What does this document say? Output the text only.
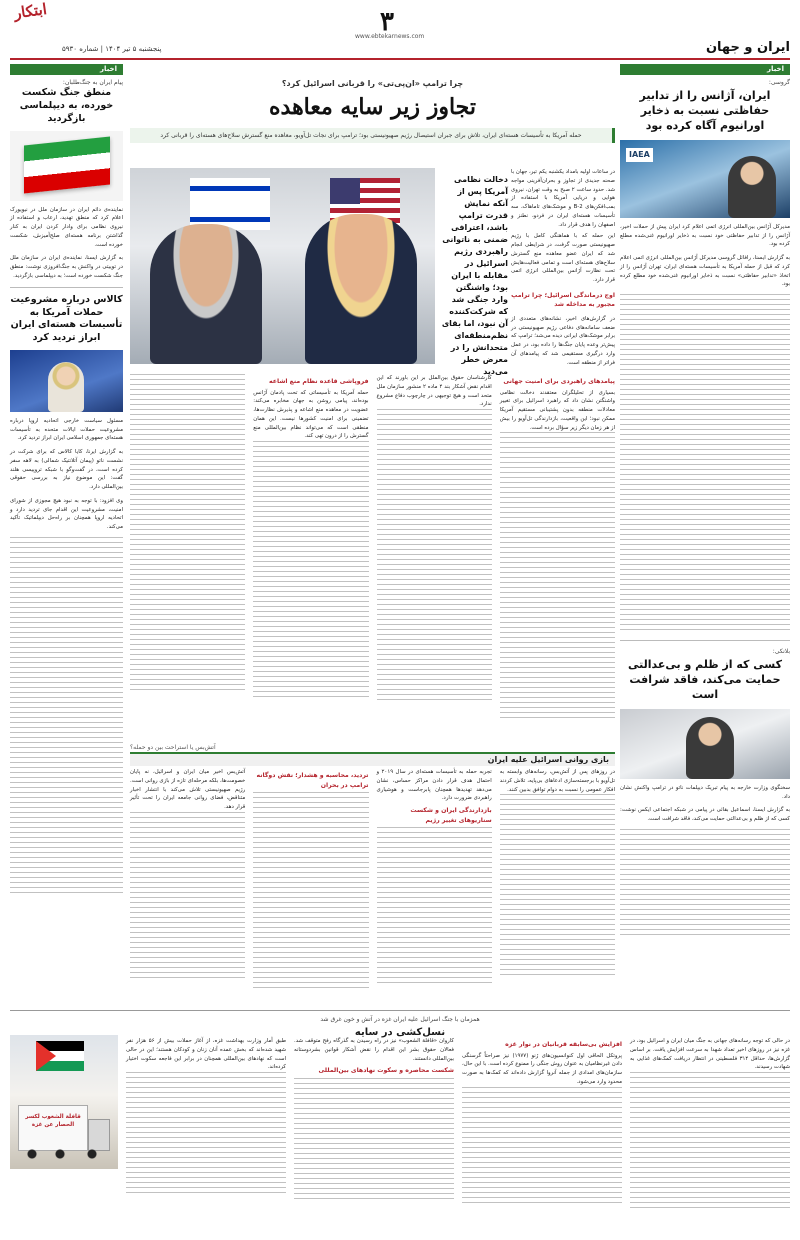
ابتکار
پنجشنبه ۵ تیر ۱۴۰۴ | شماره ۵۹۳۰
۳
www.ebtekarnews.com
ایران و جهان
اخبار
گروسی:
ایران، آژانس را از تدابیر حفاظتی نسبت به ذخایر اورانیوم آگاه کرده بود
IAEA
مدیرکل آژانس بین‌المللی انرژی اتمی اعلام کرد ایران پیش از حملات اخیر، آژانس را از تدابیر حفاظتی خود نسبت به ذخایر اورانیوم غنی‌شده مطلع کرده بود.
به گزارش ایسنا، رافائل گروسی مدیرکل آژانس بین‌المللی انرژی اتمی اعلام کرد که قبل از حمله آمریکا به تأسیسات هسته‌ای ایران، تهران آژانس را از اتخاذ «تدابیر حفاظتی» نسبت به ذخایر اورانیوم غنی‌شده خود مطلع کرده بود.
بلانکی:
کسی که از ظلم و بی‌عدالتی حمایت می‌کند، فاقد شرافت است
سخنگوی وزارت خارجه به پیام تبریک دیپلمات ناتو در ترامپ واکنش نشان داد.
به گزارش ایسنا، اسماعیل بقائی در پیامی در شبکه اجتماعی ایکس نوشت: کسی که از ظلم و بی‌عدالتی حمایت می‌کند، فاقد شرافت است.
اخبار
پیام ایران به جنگ‌طلبان:
منطق جنگ شکست خورده، به دیپلماسی بازگردید
نماینده‌ی دائم ایران در سازمان ملل در نیویورک اعلام کرد که منطق تهدید، ارعاب و استفاده از نیروی نظامی برای وادار کردن ایران به کنار گذاشتن برنامه هسته‌ای صلح‌آمیزش، شکست خورده است.
به گزارش ایسنا، نماینده‌ی ایران در سازمان ملل در توییتی در واکنش به جنگ‌افروزی نوشت: منطق جنگ شکست خورده است؛ به دیپلماسی بازگردید.
کالاس درباره مشروعیت حملات آمریکا به تأسیسات هسته‌ای ایران ابراز تردید کرد
مسئول سیاست خارجی اتحادیه اروپا درباره مشروعیت حملات ایالات متحده به تأسیسات هسته‌ای جمهوری اسلامی ایران ابراز تردید کرد.
به گزارش ایرنا، کایا کالاس که برای شرکت در نشست ناتو (پیمان آتلانتیک شمالی) به لاهه سفر کرده است، در گفت‌وگو با شبکه تروپیسی هلند گفت: این موضوع نیاز به بررسی حقوقی بین‌المللی دارد.
وی افزود: با توجه به نبود هیچ مجوزی از شورای امنیت، مشروعیت این اقدام جای تردید دارد و اتحادیه اروپا همچنان بر راه‌حل دیپلماتیک تأکید می‌کند.
چرا ترامپ «ان‌پی‌تی» را قربانی اسرائیل کرد؟
تجاوز زیر سایه معاهده
حمله آمریکا به تأسیسات هسته‌ای ایران، تلاش برای جبران استیصال رژیم صهیونیستی بود؛ ترامپ برای نجات تل‌آویو، معاهده منع گسترش سلاح‌های هسته‌ای را قربانی کرد
دخالت نظامی آمریکا پس از آنکه نمایش قدرت ترامپ باشد، اعترافی ضمنی به ناتوانی راهبردی رژیم اسرائیل در مقابله با ایران بود؛ واشنگتن وارد جنگی شد که شرکت‌کننده آن نبود، اما بقای نظم‌منطقه‌ای متحدانش را در معرض خطر می‌دید
در ساعات اولیه بامداد یکشنبه یکم تیر، جهان با صحنه جدیدی از تجاوز و بحران‌آفرینی مواجه شد. حدود ساعت ۲ صبح به وقت تهران، نیروی هوایی و دریایی آمریکا با استفاده از بمب‌افکن‌های B-2 و موشک‌های تاماهاک، سه تأسیسات هسته‌ای ایران در فردو، نطنز و اصفهان را هدف قرار داد.
این حمله که با هماهنگی کامل با رژیم صهیونیستی صورت گرفت، در شرایطی انجام شد که ایران عضو معاهده منع گسترش سلاح‌های هسته‌ای است و تمامی فعالیت‌هایش تحت نظارت آژانس بین‌المللی انرژی اتمی قرار دارد.
اوج درماندگی اسرائیل؛ چرا ترامپ مجبور به مداخله شد
در گزارش‌های اخیر، نشانه‌های متعددی از ضعف سامانه‌های دفاعی رژیم صهیونیستی در برابر موشک‌های ایرانی دیده می‌شد؛ ترامپ که پیش‌تر وعده پایان جنگ‌ها را داده بود، در عمل وارد درگیری مستقیمی شد که پیامدهای آن فراتر از منطقه است.
پیامدهای راهبردی برای امنیت جهانی
بسیاری از تحلیلگران معتقدند دخالت نظامی واشنگتن نشان داد که راهبرد اسرائیل برای تغییر معادلات منطقه بدون پشتیبانی مستقیم آمریکا ممکن نبود؛ این واقعیت، بازدارندگی تل‌آویو را بیش از هر زمان دیگر زیر سؤال برده است.
کارشناسان حقوق بین‌الملل بر این باورند که این اقدام نقض آشکار بند ۴ ماده ۲ منشور سازمان ملل متحد است و هیچ توجیهی در چارچوب دفاع مشروع ندارد.
فروپاشی قاعده نظام منع اشاعه
حمله آمریکا به تأسیساتی که تحت پادمان آژانس بوده‌اند، پیامی روشن به جهان مخابره می‌کند: عضویت در معاهده منع اشاعه و پذیرش نظارت‌ها، تضمینی برای امنیت کشورها نیست. این همان منطقی است که می‌تواند نظام بین‌المللی منع گسترش را از درون تهی کند.
آتش‌بس یا استراحت بین دو حمله؟
بازی روانی اسرائیل علیه ایران
در روزهای پس از آتش‌بس، رسانه‌های وابسته به تل‌آویو با برجسته‌سازی ادعاهای بی‌پایه، تلاش کردند افکار عمومی را نسبت به دوام توافق بدبین کنند.
تجربه حمله به تأسیسات هسته‌ای در سال ۲۰۱۹ و احتمال هدف قرار دادن مراکز حساس، نشان می‌دهد تهدیدها همچنان پابرجاست و هوشیاری راهبردی ضرورت دارد.
بازدارندگی ایران و شکست سناریوهای تغییر رژیم
تردید، محاسبه و هشدار؛ نقش دوگانه ترامپ در بحران
آتش‌بس اخیر میان ایران و اسرائیل، نه پایان خصومت‌ها، بلکه مرحله‌ای تازه از بازی روانی است. رژیم صهیونیستی تلاش می‌کند با انتشار اخبار متناقض، فضای روانی جامعه ایران را تحت تأثیر قرار دهد.
همزمان با جنگ اسرائیل علیه ایران غزه در آتش و خون غرق شد
نسل‌کشی در سایه
قافلة الشعوب لكسر الحصار عن غزة
در حالی که توجه رسانه‌های جهانی به جنگ میان ایران و اسرائیل بود، در غزه نیز در روزهای اخیر تعداد شهدا به سرعت افزایش یافت. بر اساس گزارش‌ها، حداقل ۳۱۴ فلسطینی در انتظار دریافت کمک‌های غذایی به شهادت رسیدند.
افزایش بی‌سابقه قربانیان در نوار غزه
پروتکل الحاقی اول کنوانسیون‌های ژنو (۱۹۷۷) نیز صراحتاً گرسنگی دادن غیرنظامیان به عنوان روش جنگی را ممنوع کرده است. با این حال، سازمان‌های امدادی از جمله آنروا گزارش داده‌اند که کمک‌ها به صورت محدود وارد می‌شود.
کاروان «قافلة الشعوب» نیز در راه رسیدن به گذرگاه رفح متوقف شد. فعالان حقوق بشر این اقدام را نقض آشکار قوانین بشردوستانه بین‌المللی دانستند.
شکست محاصره و سکوت نهادهای بین‌المللی
طبق آمار وزارت بهداشت غزه، از آغاز حملات بیش از ۵۶ هزار نفر شهید شده‌اند که بخش عمده آنان زنان و کودکان هستند؛ این در حالی است که نهادهای بین‌المللی همچنان در برابر این فاجعه سکوت اختیار کرده‌اند.
